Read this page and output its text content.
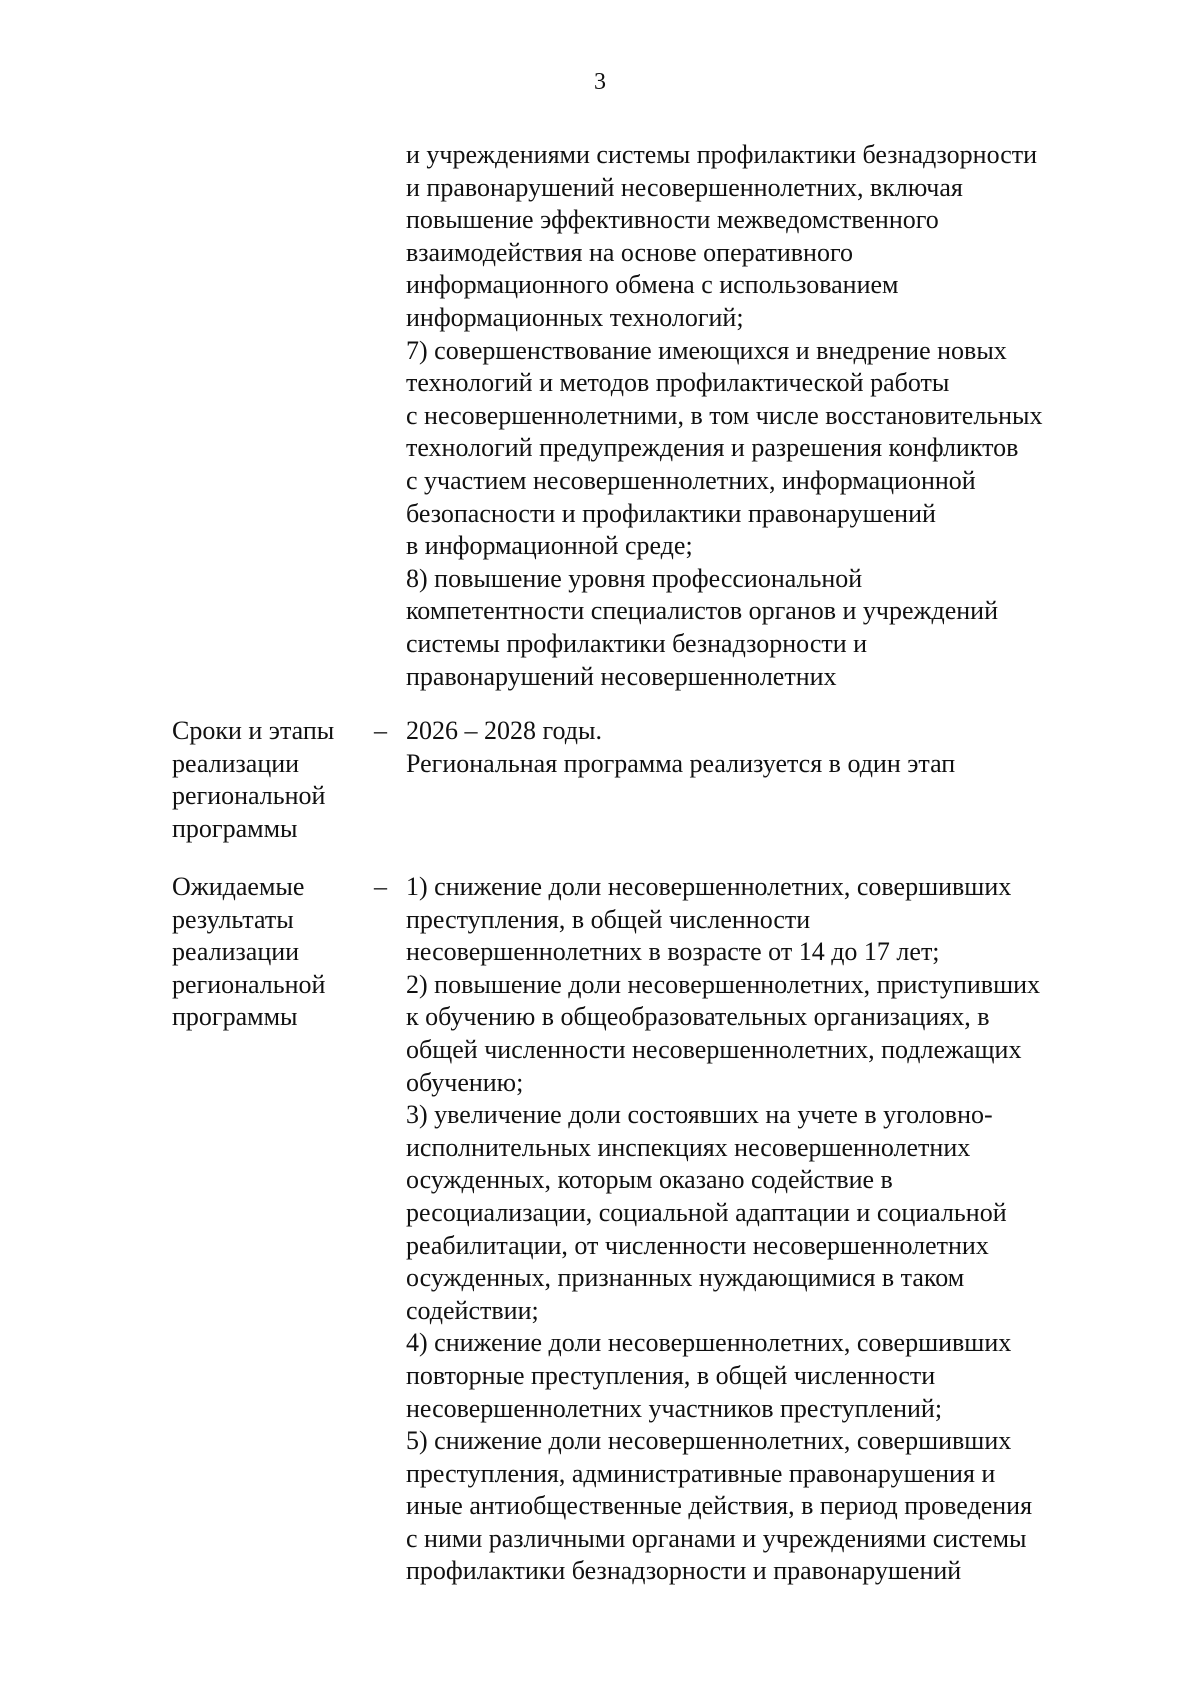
3
и учреждениями системы профилактики безнадзорности
и правонарушений несовершеннолетних, включая
повышение эффективности межведомственного
взаимодействия на основе оперативного
информационного обмена с использованием
информационных технологий;
7) совершенствование имеющихся и внедрение новых
технологий и методов профилактической работы
с несовершеннолетними, в том числе восстановительных
технологий предупреждения и разрешения конфликтов
с участием несовершеннолетних, информационной
безопасности и профилактики правонарушений
в информационной среде;
8) повышение уровня профессиональной
компетентности специалистов органов и учреждений
системы профилактики безнадзорности и
правонарушений несовершеннолетних
Сроки и этапы
реализации
региональной
программы
– 2026 – 2028 годы.
Региональная программа реализуется в один этап
Ожидаемые
результаты
реализации
региональной
программы
– 1) снижение доли несовершеннолетних, совершивших
преступления, в общей численности
несовершеннолетних в возрасте от 14 до 17 лет;
2) повышение доли несовершеннолетних, приступивших
к обучению в общеобразовательных организациях, в
общей численности несовершеннолетних, подлежащих
обучению;
3) увеличение доли состоявших на учете в уголовно-
исполнительных инспекциях несовершеннолетних
осужденных, которым оказано содействие в
ресоциализации, социальной адаптации и социальной
реабилитации, от численности несовершеннолетних
осужденных, признанных нуждающимися в таком
содействии;
4) снижение доли несовершеннолетних, совершивших
повторные преступления, в общей численности
несовершеннолетних участников преступлений;
5) снижение доли несовершеннолетних, совершивших
преступления, административные правонарушения и
иные антиобщественные действия, в период проведения
с ними различными органами и учреждениями системы
профилактики безнадзорности и правонарушений
